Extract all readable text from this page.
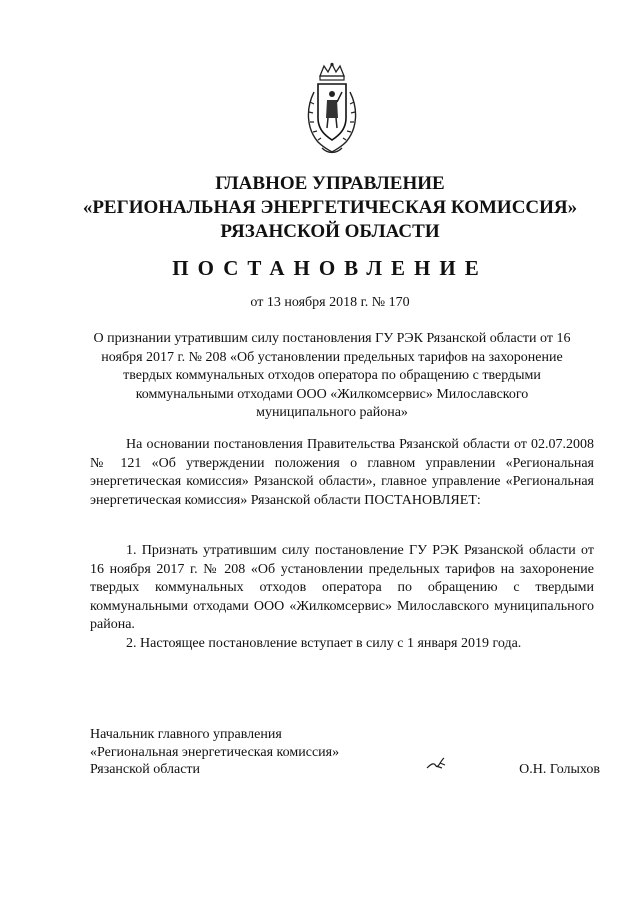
ГЛАВНОЕ УПРАВЛЕНИЕ
«РЕГИОНАЛЬНАЯ ЭНЕРГЕТИЧЕСКАЯ КОМИССИЯ»
РЯЗАНСКОЙ ОБЛАСТИ
ПОСТАНОВЛЕНИЕ
от 13 ноября 2018 г. № 170
О признании утратившим силу постановления ГУ РЭК Рязанской области от 16 ноября 2017 г. № 208 «Об установлении предельных тарифов на захоронение твердых коммунальных отходов оператора по обращению с твердыми коммунальными отходами ООО «Жилкомсервис» Милославского муниципального района»
На основании постановления Правительства Рязанской области от 02.07.2008 № 121 «Об утверждении положения о главном управлении «Региональная энергетическая комиссия» Рязанской области», главное управление «Региональная энергетическая комиссия» Рязанской области ПОСТАНОВЛЯЕТ:

1. Признать утратившим силу постановление ГУ РЭК Рязанской области от 16 ноября 2017 г. № 208 «Об установлении предельных тарифов на захоронение твердых коммунальных отходов оператора по обращению с твердыми коммунальными отходами ООО «Жилкомсервис» Милославского муниципального района.

2. Настоящее постановление вступает в силу с 1 января 2019 года.

Начальник главного управления
«Региональная энергетическая комиссия»
Рязанской области	О.Н. Голыхов
